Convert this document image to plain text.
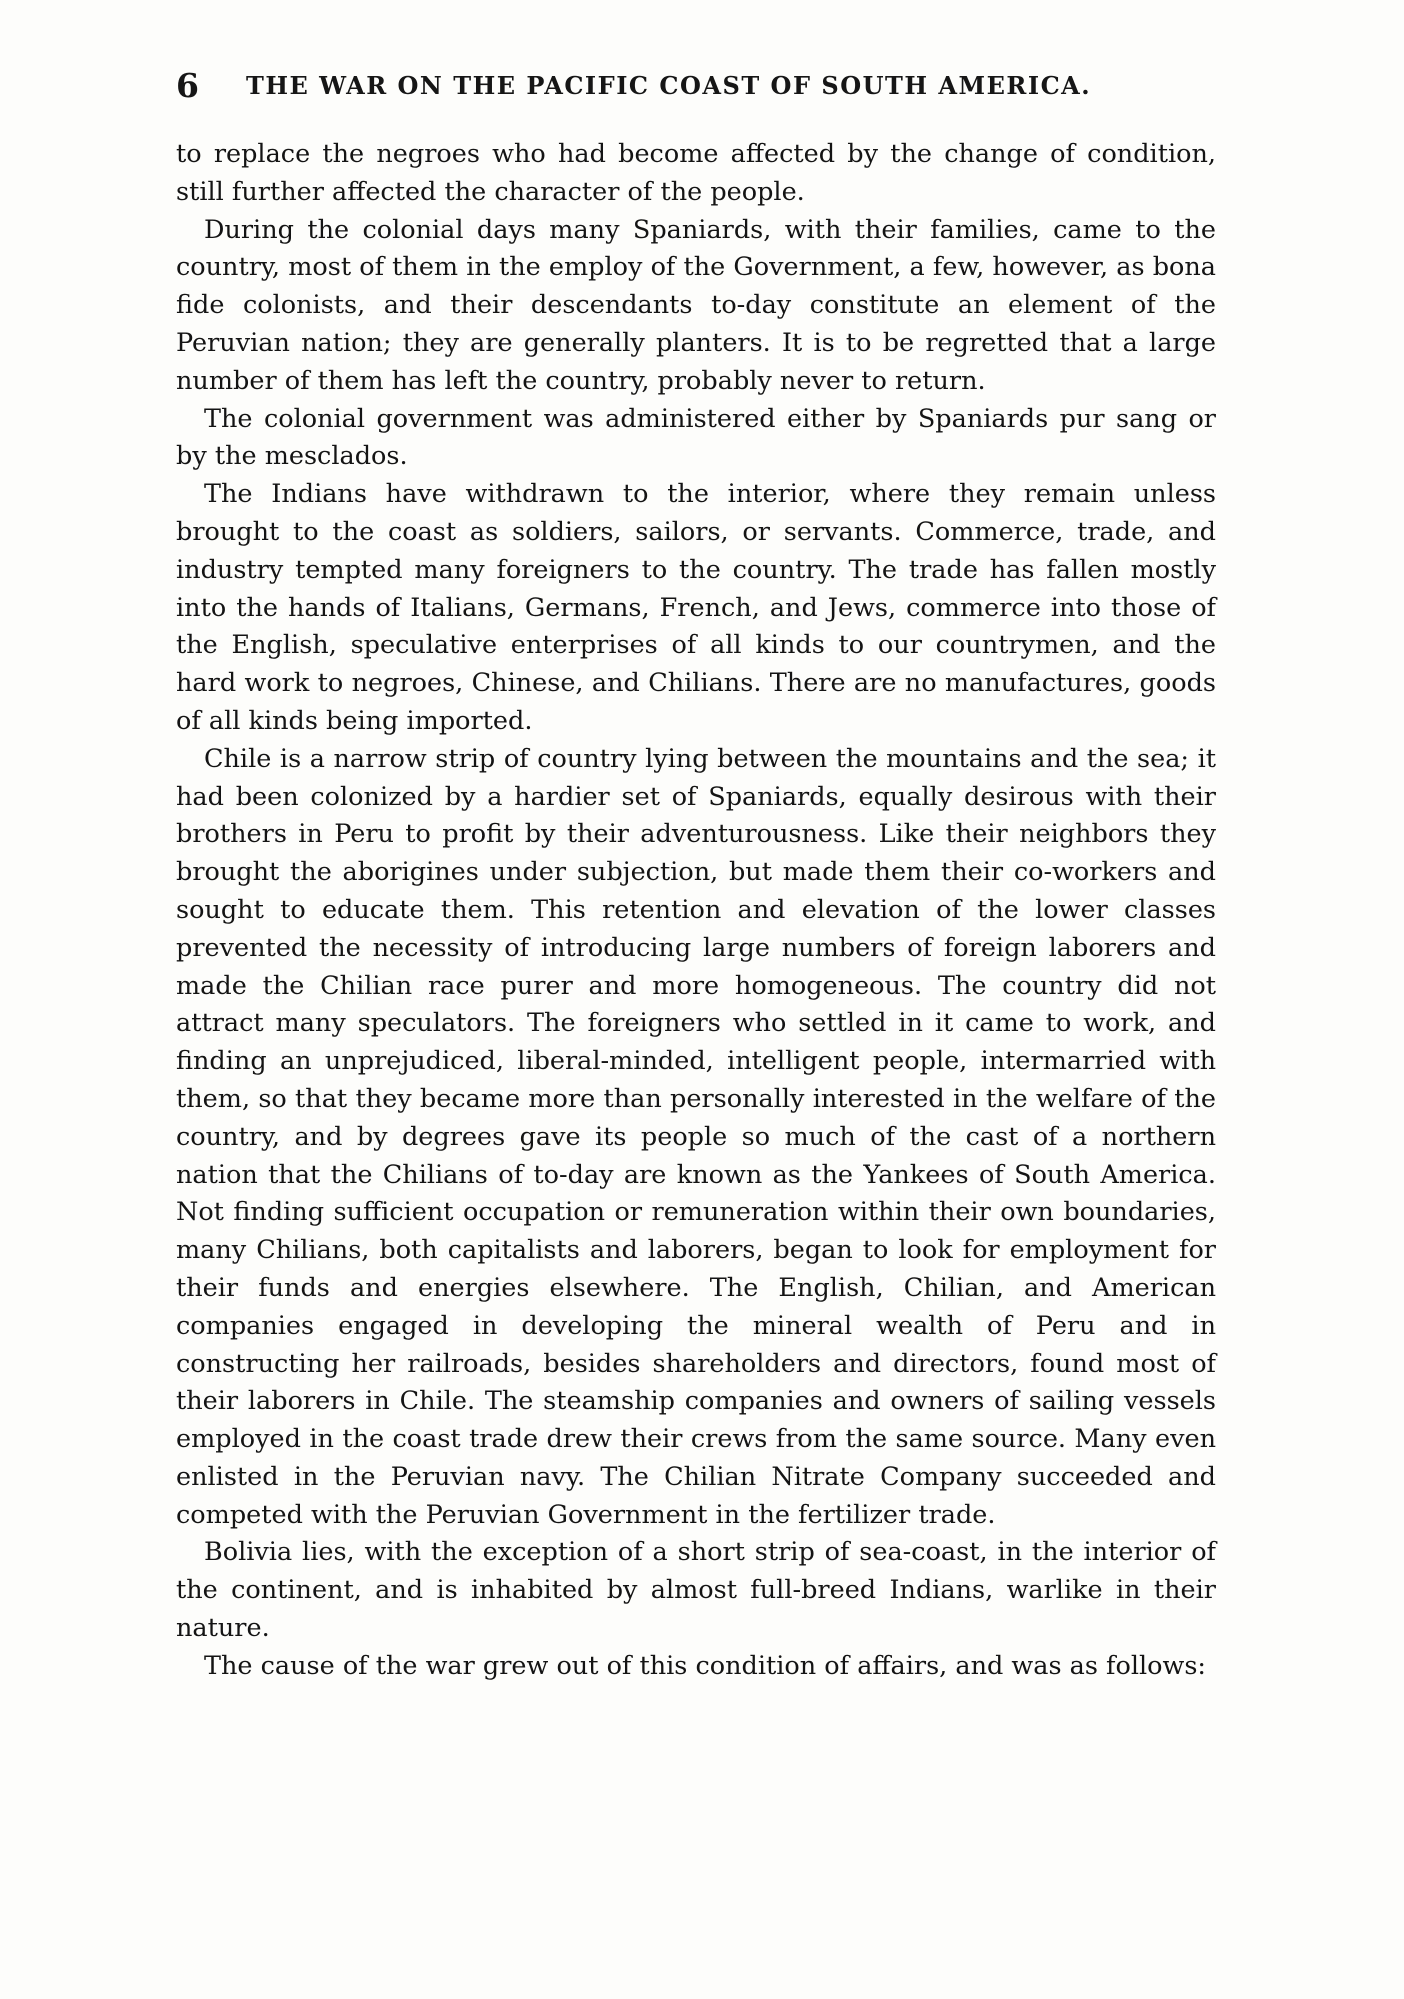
6 THE WAR ON THE PACIFIC COAST OF SOUTH AMERICA.

to replace the negroes who had become affected by the change of condition, still further affected the character of the people.

During the colonial days many Spaniards, with their families, came to the country, most of them in the employ of the Government, a few, however, as bona fide colonists, and their descendants to-day constitute an element of the Peruvian nation; they are generally planters. It is to be regretted that a large number of them has left the country, probably never to return.

The colonial government was administered either by Spaniards pur sang or by the mesclados.

The Indians have withdrawn to the interior, where they remain unless brought to the coast as soldiers, sailors, or servants. Commerce, trade, and industry tempted many foreigners to the country. The trade has fallen mostly into the hands of Italians, Germans, French, and Jews, commerce into those of the English, speculative enterprises of all kinds to our countrymen, and the hard work to negroes, Chinese, and Chilians. There are no manufactures, goods of all kinds being imported.

Chile is a narrow strip of country lying between the mountains and the sea; it had been colonized by a hardier set of Spaniards, equally desirous with their brothers in Peru to profit by their adventurousness. Like their neighbors they brought the aborigines under subjection, but made them their co-workers and sought to educate them. This retention and elevation of the lower classes prevented the necessity of introducing large numbers of foreign laborers and made the Chilian race purer and more homogeneous. The country did not attract many speculators. The foreigners who settled in it came to work, and finding an unprejudiced, liberal-minded, intelligent people, intermarried with them, so that they became more than personally interested in the welfare of the country, and by degrees gave its people so much of the cast of a northern nation that the Chilians of to-day are known as the Yankees of South America. Not finding sufficient occupation or remuneration within their own boundaries, many Chilians, both capitalists and laborers, began to look for employment for their funds and energies elsewhere. The English, Chilian, and American companies engaged in developing the mineral wealth of Peru and in constructing her railroads, besides shareholders and directors, found most of their laborers in Chile. The steamship companies and owners of sailing vessels employed in the coast trade drew their crews from the same source. Many even enlisted in the Peruvian navy. The Chilian Nitrate Company succeeded and competed with the Peruvian Government in the fertilizer trade.

Bolivia lies, with the exception of a short strip of sea-coast, in the interior of the continent, and is inhabited by almost full-breed Indians, warlike in their nature.

The cause of the war grew out of this condition of affairs, and was as follows:
